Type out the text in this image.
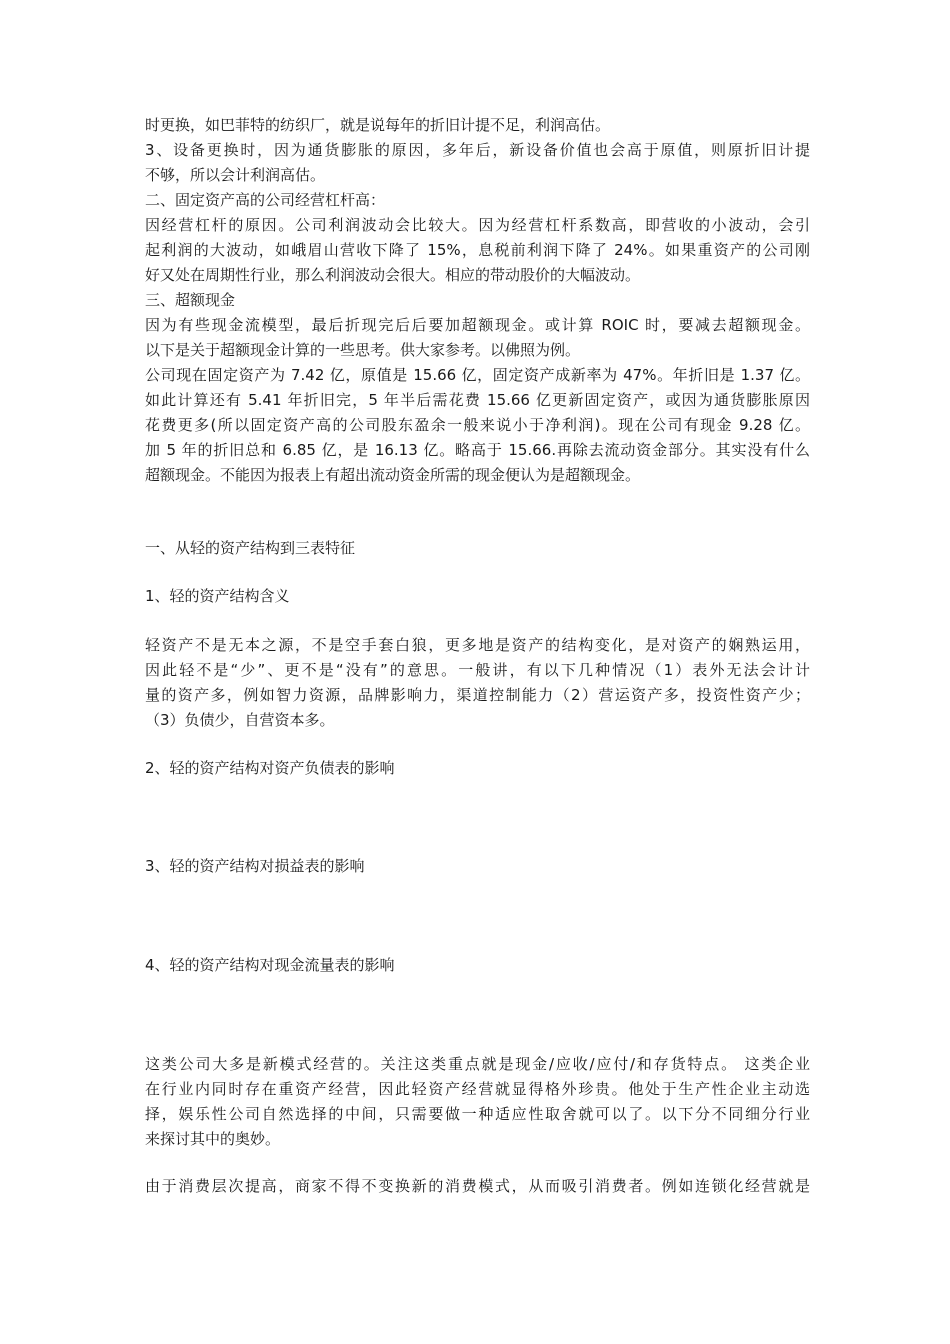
时更换，如巴菲特的纺织厂，就是说每年的折旧计提不足，利润高估。
3、设备更换时，因为通货膨胀的原因，多年后，新设备价值也会高于原值，则原折旧计提
不够，所以会计利润高估。
二、固定资产高的公司经营杠杆高：
因经营杠杆的原因。公司利润波动会比较大。因为经营杠杆系数高，即营收的小波动，会引
起利润的大波动，如峨眉山营收下降了 15%，息税前利润下降了 24%。如果重资产的公司刚
好又处在周期性行业，那么利润波动会很大。相应的带动股价的大幅波动。
三、超额现金
因为有些现金流模型，最后折现完后后要加超额现金。或计算 ROIC 时，要减去超额现金。
以下是关于超额现金计算的一些思考。供大家参考。以佛照为例。
公司现在固定资产为 7.42 亿，原值是 15.66 亿，固定资产成新率为 47%。年折旧是 1.37 亿。
如此计算还有 5.41 年折旧完，5 年半后需花费 15.66 亿更新固定资产，或因为通货膨胀原因
花费更多(所以固定资产高的公司股东盈余一般来说小于净利润)。现在公司有现金 9.28 亿。
加 5 年的折旧总和 6.85 亿，是 16.13 亿。略高于 15.66.再除去流动资金部分。其实没有什么
超额现金。不能因为报表上有超出流动资金所需的现金便认为是超额现金。

一、从轻的资产结构到三表特征

1、轻的资产结构含义

轻资产不是无本之源，不是空手套白狼，更多地是资产的结构变化，是对资产的娴熟运用，
因此轻不是“少”、更不是“没有”的意思。一般讲，有以下几种情况（1）表外无法会计计
量的资产多，例如智力资源，品牌影响力，渠道控制能力（2）营运资产多，投资性资产少；
（3）负债少，自营资本多。

2、轻的资产结构对资产负债表的影响

3、轻的资产结构对损益表的影响

4、轻的资产结构对现金流量表的影响

这类公司大多是新模式经营的。关注这类重点就是现金/应收/应付/和存货特点。 这类企业
在行业内同时存在重资产经营，因此轻资产经营就显得格外珍贵。他处于生产性企业主动选
择，娱乐性公司自然选择的中间，只需要做一种适应性取舍就可以了。以下分不同细分行业
来探讨其中的奥妙。
由于消费层次提高，商家不得不变换新的消费模式，从而吸引消费者。例如连锁化经营就是
